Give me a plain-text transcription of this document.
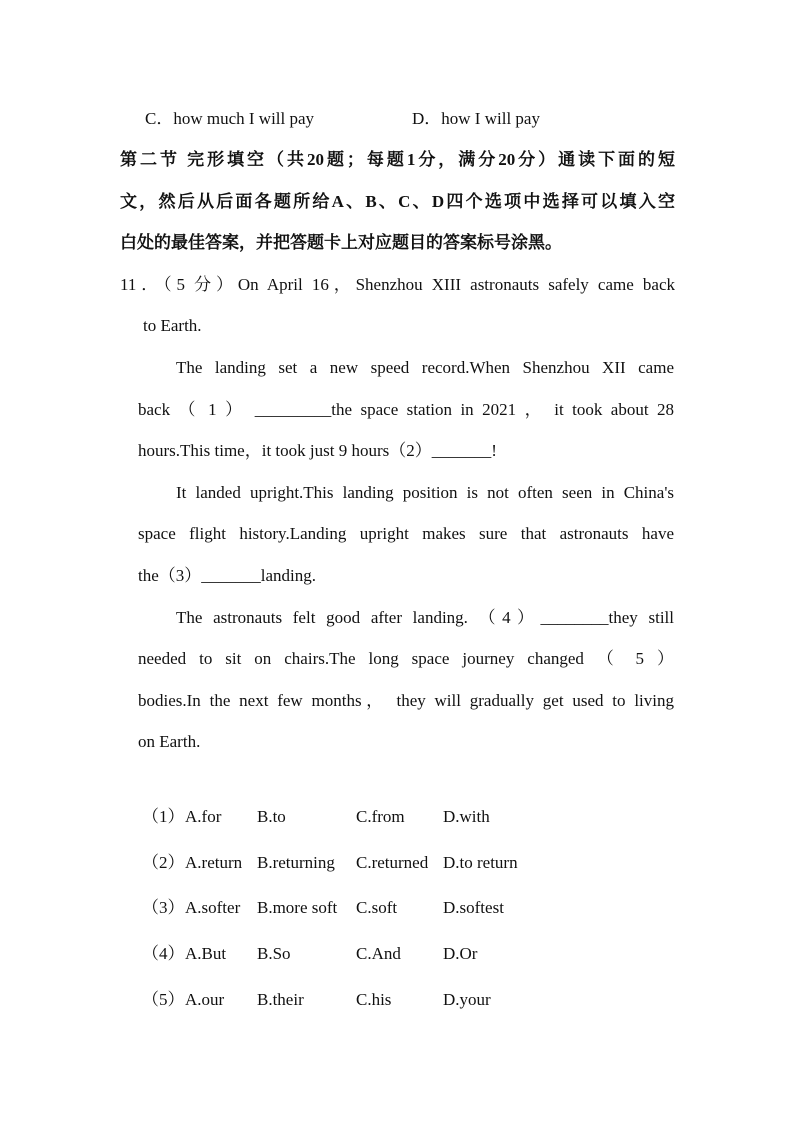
C．how much I will pay	D．how I will pay
第二节 完形填空（共20题；每题1分，满分20分）通读下面的短
文，然后从后面各题所给A、B、C、D四个选项中选择可以填入空
白处的最佳答案，并把答题卡上对应题目的答案标号涂黑。
11．（5 分）On April 16，Shenzhou XIII astronauts safely came back
to Earth.
The landing set a new speed record.When Shenzhou XII came
back （ 1 ） _________the space station in 2021 ， it took about 28
hours.This time，it took just 9 hours（2）_______!
It landed upright.This landing position is not often seen in China's
space flight history.Landing upright makes sure that astronauts have
the（3）_______landing.
The astronauts felt good after landing. （4）________they still
needed to sit on chairs.The long space journey changed （ 5 ）
bodies.In the next few months， they will gradually get used to living
on Earth.
（1） A.for B.to	C.from D.with
（2） A.return B.returning C.returned D.to return
（3） A.softer B.more soft C.soft	D.softest
（4） A.But B.So	C.And D.Or
（5） A.our B.their	C.his	D.your
